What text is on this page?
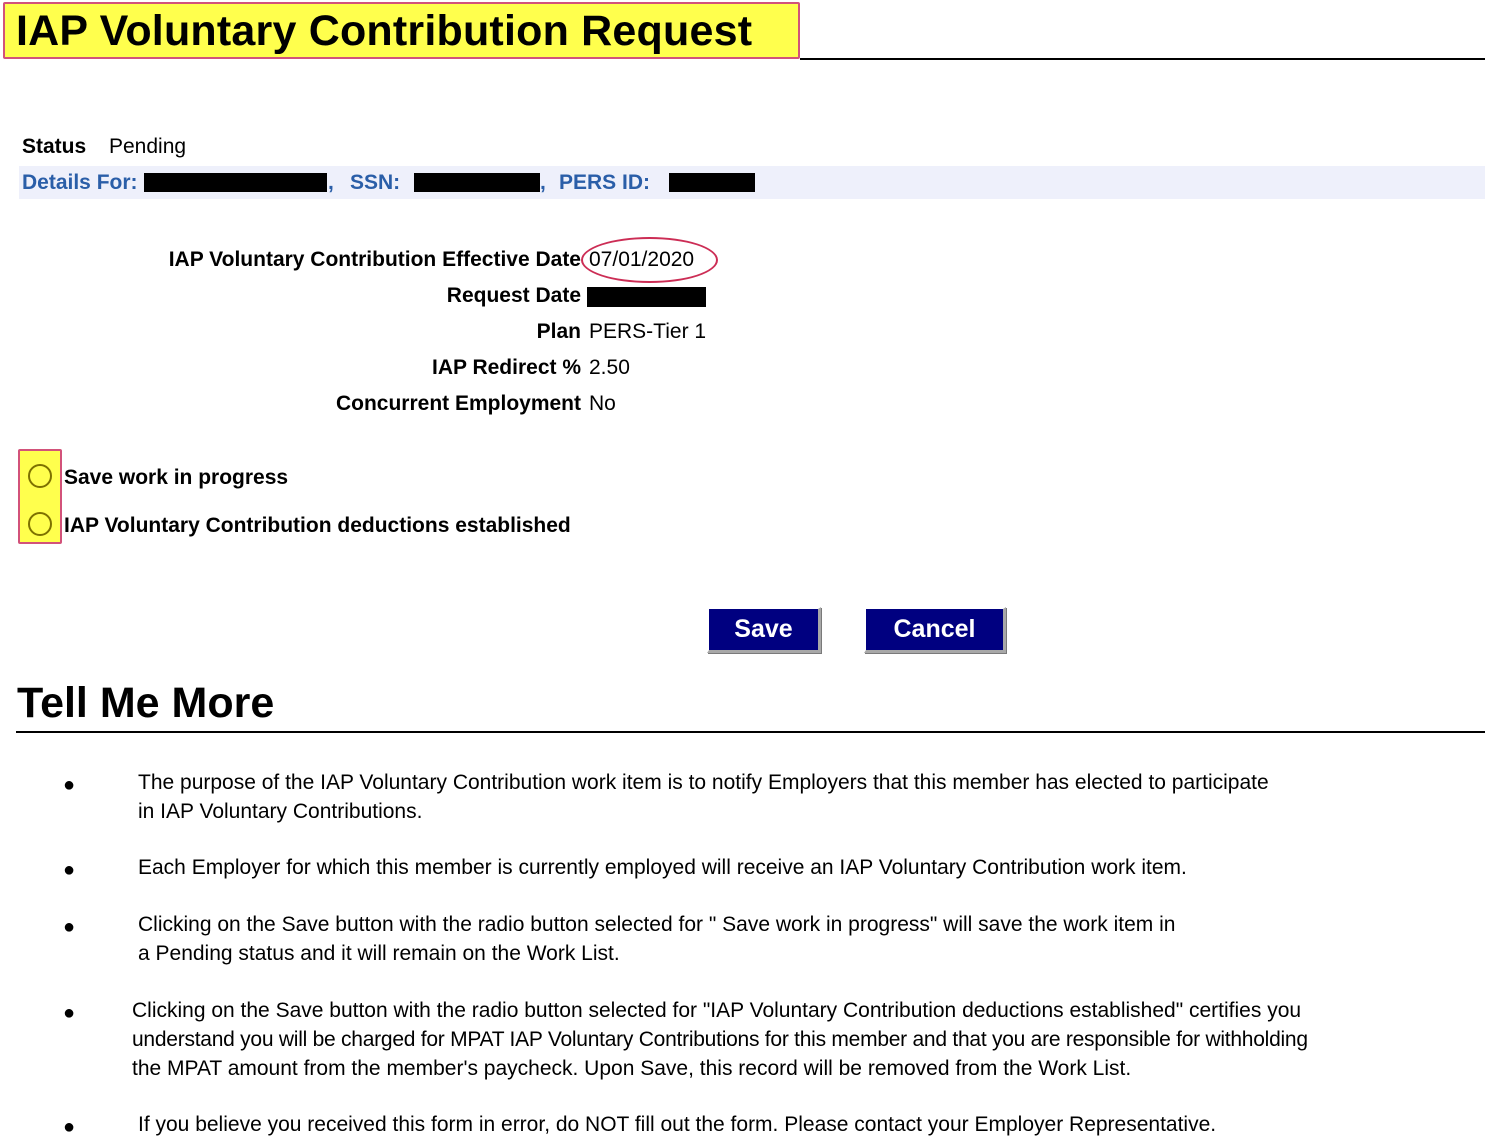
IAP Voluntary Contribution Request
Status Pending
Details For:	, SSN:	, PERS ID:
IAP Voluntary Contribution Effective Date 07/01/2020
Request Date
Plan PERS-Tier 1
IAP Redirect % 2.50
Concurrent Employment No
Save work in progress
IAP Voluntary Contribution deductions established
Save	Cancel
Tell Me More
●	The purpose of the IAP Voluntary Contribution work item is to notify Employers that this member has elected to participate
in IAP Voluntary Contributions.
●	Each Employer for which this member is currently employed will receive an IAP Voluntary Contribution work item.
●	Clicking on the Save button with the radio button selected for " Save work in progress" will save the work item in
a Pending status and it will remain on the Work List.
●	Clicking on the Save button with the radio button selected for "IAP Voluntary Contribution deductions established" certifies you
understand you will be charged for MPAT IAP Voluntary Contributions for this member and that you are responsible for withholding
the MPAT amount from the member's paycheck. Upon Save, this record will be removed from the Work List.
●	If you believe you received this form in error, do NOT fill out the form. Please contact your Employer Representative.
